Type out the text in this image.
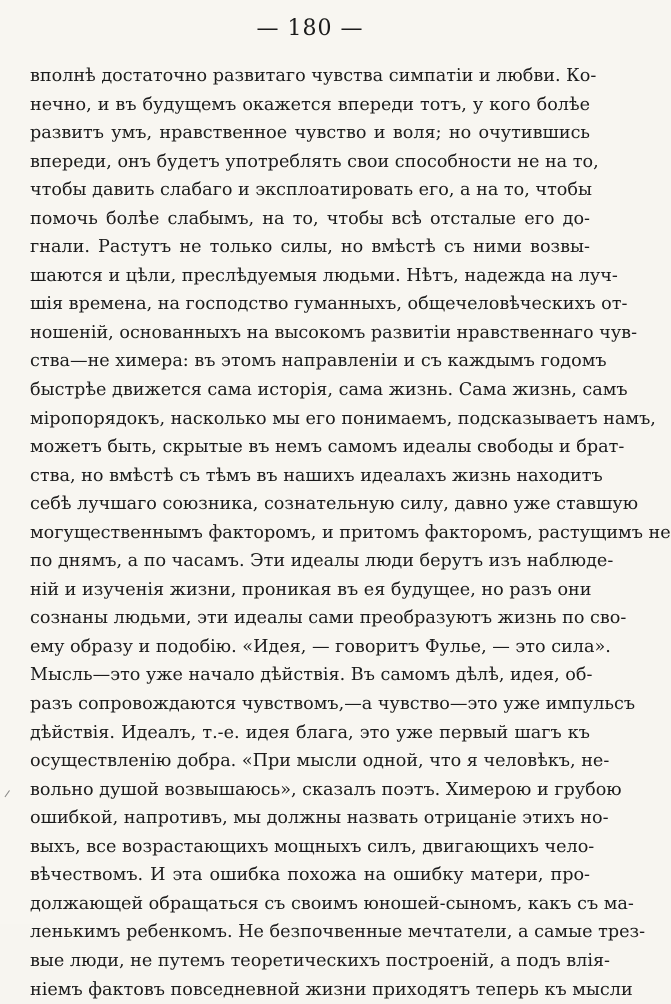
— 180 —
вполнѣ достаточно развитаго чувства симпатіи и любви. Ко-
нечно, и въ будущемъ окажется впереди тотъ, у кого болѣе
развитъ умъ, нравственное чувство и воля; но очутившись
впереди, онъ будетъ употреблять свои способности не на то,
чтобы давить слабаго и эксплоатировать его, а на то, чтобы
помочь болѣе слабымъ, на то, чтобы всѣ отсталые его до-
гнали. Растутъ не только силы, но вмѣстѣ съ ними возвы-
шаются и цѣли, преслѣдуемыя людьми. Нѣтъ, надежда на луч-
шія времена, на господство гуманныхъ, общечеловѣческихъ от-
ношеній, основанныхъ на высокомъ развитіи нравственнаго чув-
ства—не химера: въ этомъ направленіи и съ каждымъ годомъ
быстрѣе движется сама исторія, сама жизнь. Сама жизнь, самъ
міропорядокъ, насколько мы его понимаемъ, подсказываетъ намъ,
можетъ быть, скрытые въ немъ самомъ идеалы свободы и брат-
ства, но вмѣстѣ съ тѣмъ въ нашихъ идеалахъ жизнь находитъ
себѣ лучшаго союзника, сознательную силу, давно уже ставшую
могущественнымъ факторомъ, и притомъ факторомъ, растущимъ не
по днямъ, а по часамъ. Эти идеалы люди берутъ изъ наблюде-
ній и изученія жизни, проникая въ ея будущее, но разъ они
сознаны людьми, эти идеалы сами преобразуютъ жизнь по сво-
ему образу и подобію. «Идея, — говоритъ Фулье, — это сила».
Мысль—это уже начало дѣйствія. Въ самомъ дѣлѣ, идея, об-
разъ сопровождаются чувствомъ,—а чувство—это уже импульсъ
дѣйствія. Идеалъ, т.-е. идея блага, это уже первый шагъ къ
осуществленію добра. «При мысли одной, что я человѣкъ, не-
вольно душой возвышаюсь», сказалъ поэтъ. Химерою и грубою
ошибкой, напротивъ, мы должны назвать отрицаніе этихъ но-
выхъ, все возрастающихъ мощныхъ силъ, двигающихъ чело-
вѣчествомъ. И эта ошибка похожа на ошибку матери, про-
должающей обращаться съ своимъ юношей-сыномъ, какъ съ ма-
ленькимъ ребенкомъ. Не безпочвенные мечтатели, а самые трез-
вые люди, не путемъ теоретическихъ построеній, а подъ влія-
ніемъ фактовъ повседневной жизни приходятъ теперь къ мысли
